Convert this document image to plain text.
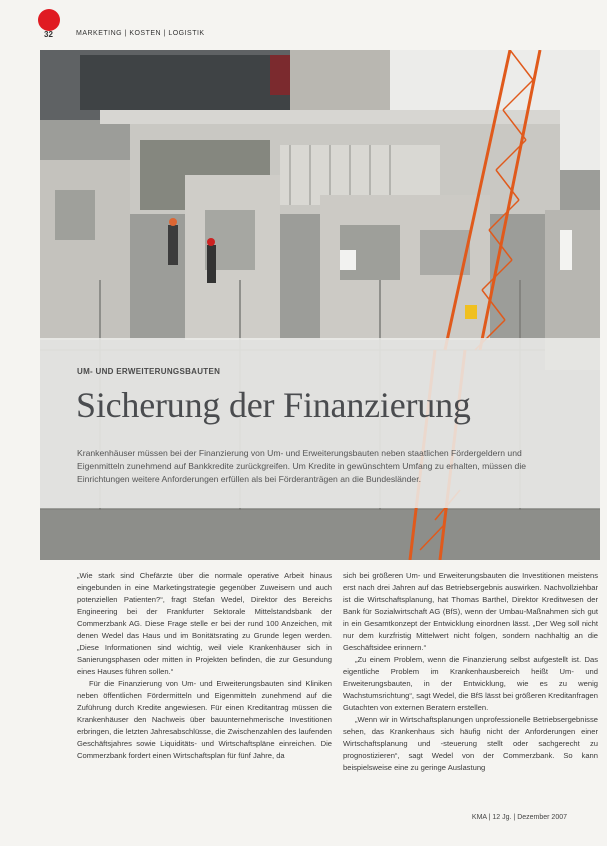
32	MARKETING | KOSTEN | LOGISTIK
UM- UND ERWEITERUNGSBAUTEN
Sicherung der Finanzierung
Krankenhäuser müssen bei der Finanzierung von Um- und Erweiterungsbauten neben staatlichen Fördergeldern und Eigenmitteln zunehmend auf Bankkredite zurückgreifen. Um Kredite in gewünschtem Umfang zu erhalten, müssen die Einrichtungen weitere Anforderungen erfüllen als bei Förderanträgen an die Bundesländer.

„Wie stark sind Chefärzte über die normale operative Arbeit hinaus eingebunden in eine Marketingstrategie gegenüber Zuweisern und auch potenziellen Patienten?“, fragt Stefan Wedel, Direktor des Bereichs Engineering bei der Frankfurter Sektorale Mittelstandsbank der Commerzbank AG. Diese Frage stelle er bei der rund 100 Anzeichen, mit denen Wedel das Haus und im Bonitätsrating zu Grunde legen werden. „Diese Informationen sind wichtig, weil viele Krankenhäuser sich in Sanierungsphasen oder mitten in Projekten befinden, die zur Gesundung eines Hauses führen sollen.“

Für die Finanzierung von Um- und Erweiterungsbauten sind Kliniken neben öffentlichen Fördermitteln und Eigenmitteln zunehmend auf die Zuführung durch Kredite angewiesen. Für einen Kreditantrag müssen die Krankenhäuser den Nachweis über bauunternehmerische Investitionen erbringen, die letzten Jahresabschlüsse, die Zwischenzahlen des laufenden Geschäftsjahres sowie Liquiditäts- und Wirtschaftspläne einreichen. Die Commerzbank fordert einen Wirtschaftsplan für fünf Jahre, da

sich bei größeren Um- und Erweiterungsbauten die Investitionen meistens erst nach drei Jahren auf das Betriebsergebnis auswirken. Nachvollziehbar ist die Wirtschaftsplanung, hat Thomas Barthel, Direktor Kreditwesen der Bank für Sozialwirtschaft AG (BfS), wenn der Umbau-Maßnahmen sich gut in ein Gesamtkonzept der Entwicklung einordnen lässt. „Der Weg soll nicht nur dem kurzfristig Mittelwert nicht folgen, sondern nachhaltig an die Geschäftsidee erinnern.“

„Zu einem Problem, wenn die Finanzierung selbst aufgestellt ist. Das eigentliche Problem im Krankenhausbereich heißt Um- und Erweiterungsbauten, in der Entwicklung, wie es zu wenig Wachstumsrichtung“, sagt Wedel, die BfS lässt bei größeren Kreditanfragen Gutachten von externen Beratern erstellen.

„Wenn wir in Wirtschaftsplanungen unprofessionelle Betriebsergebnisse sehen, das Krankenhaus sich häufig nicht der Anforderungen einer Wirtschaftsplanung und -steuerung stellt oder sachgerecht zu prognostizieren“, sagt Wedel von der Commerzbank. So kann beispielsweise eine zu geringe Auslastung

KMA | 12 Jg. | Dezember 2007
